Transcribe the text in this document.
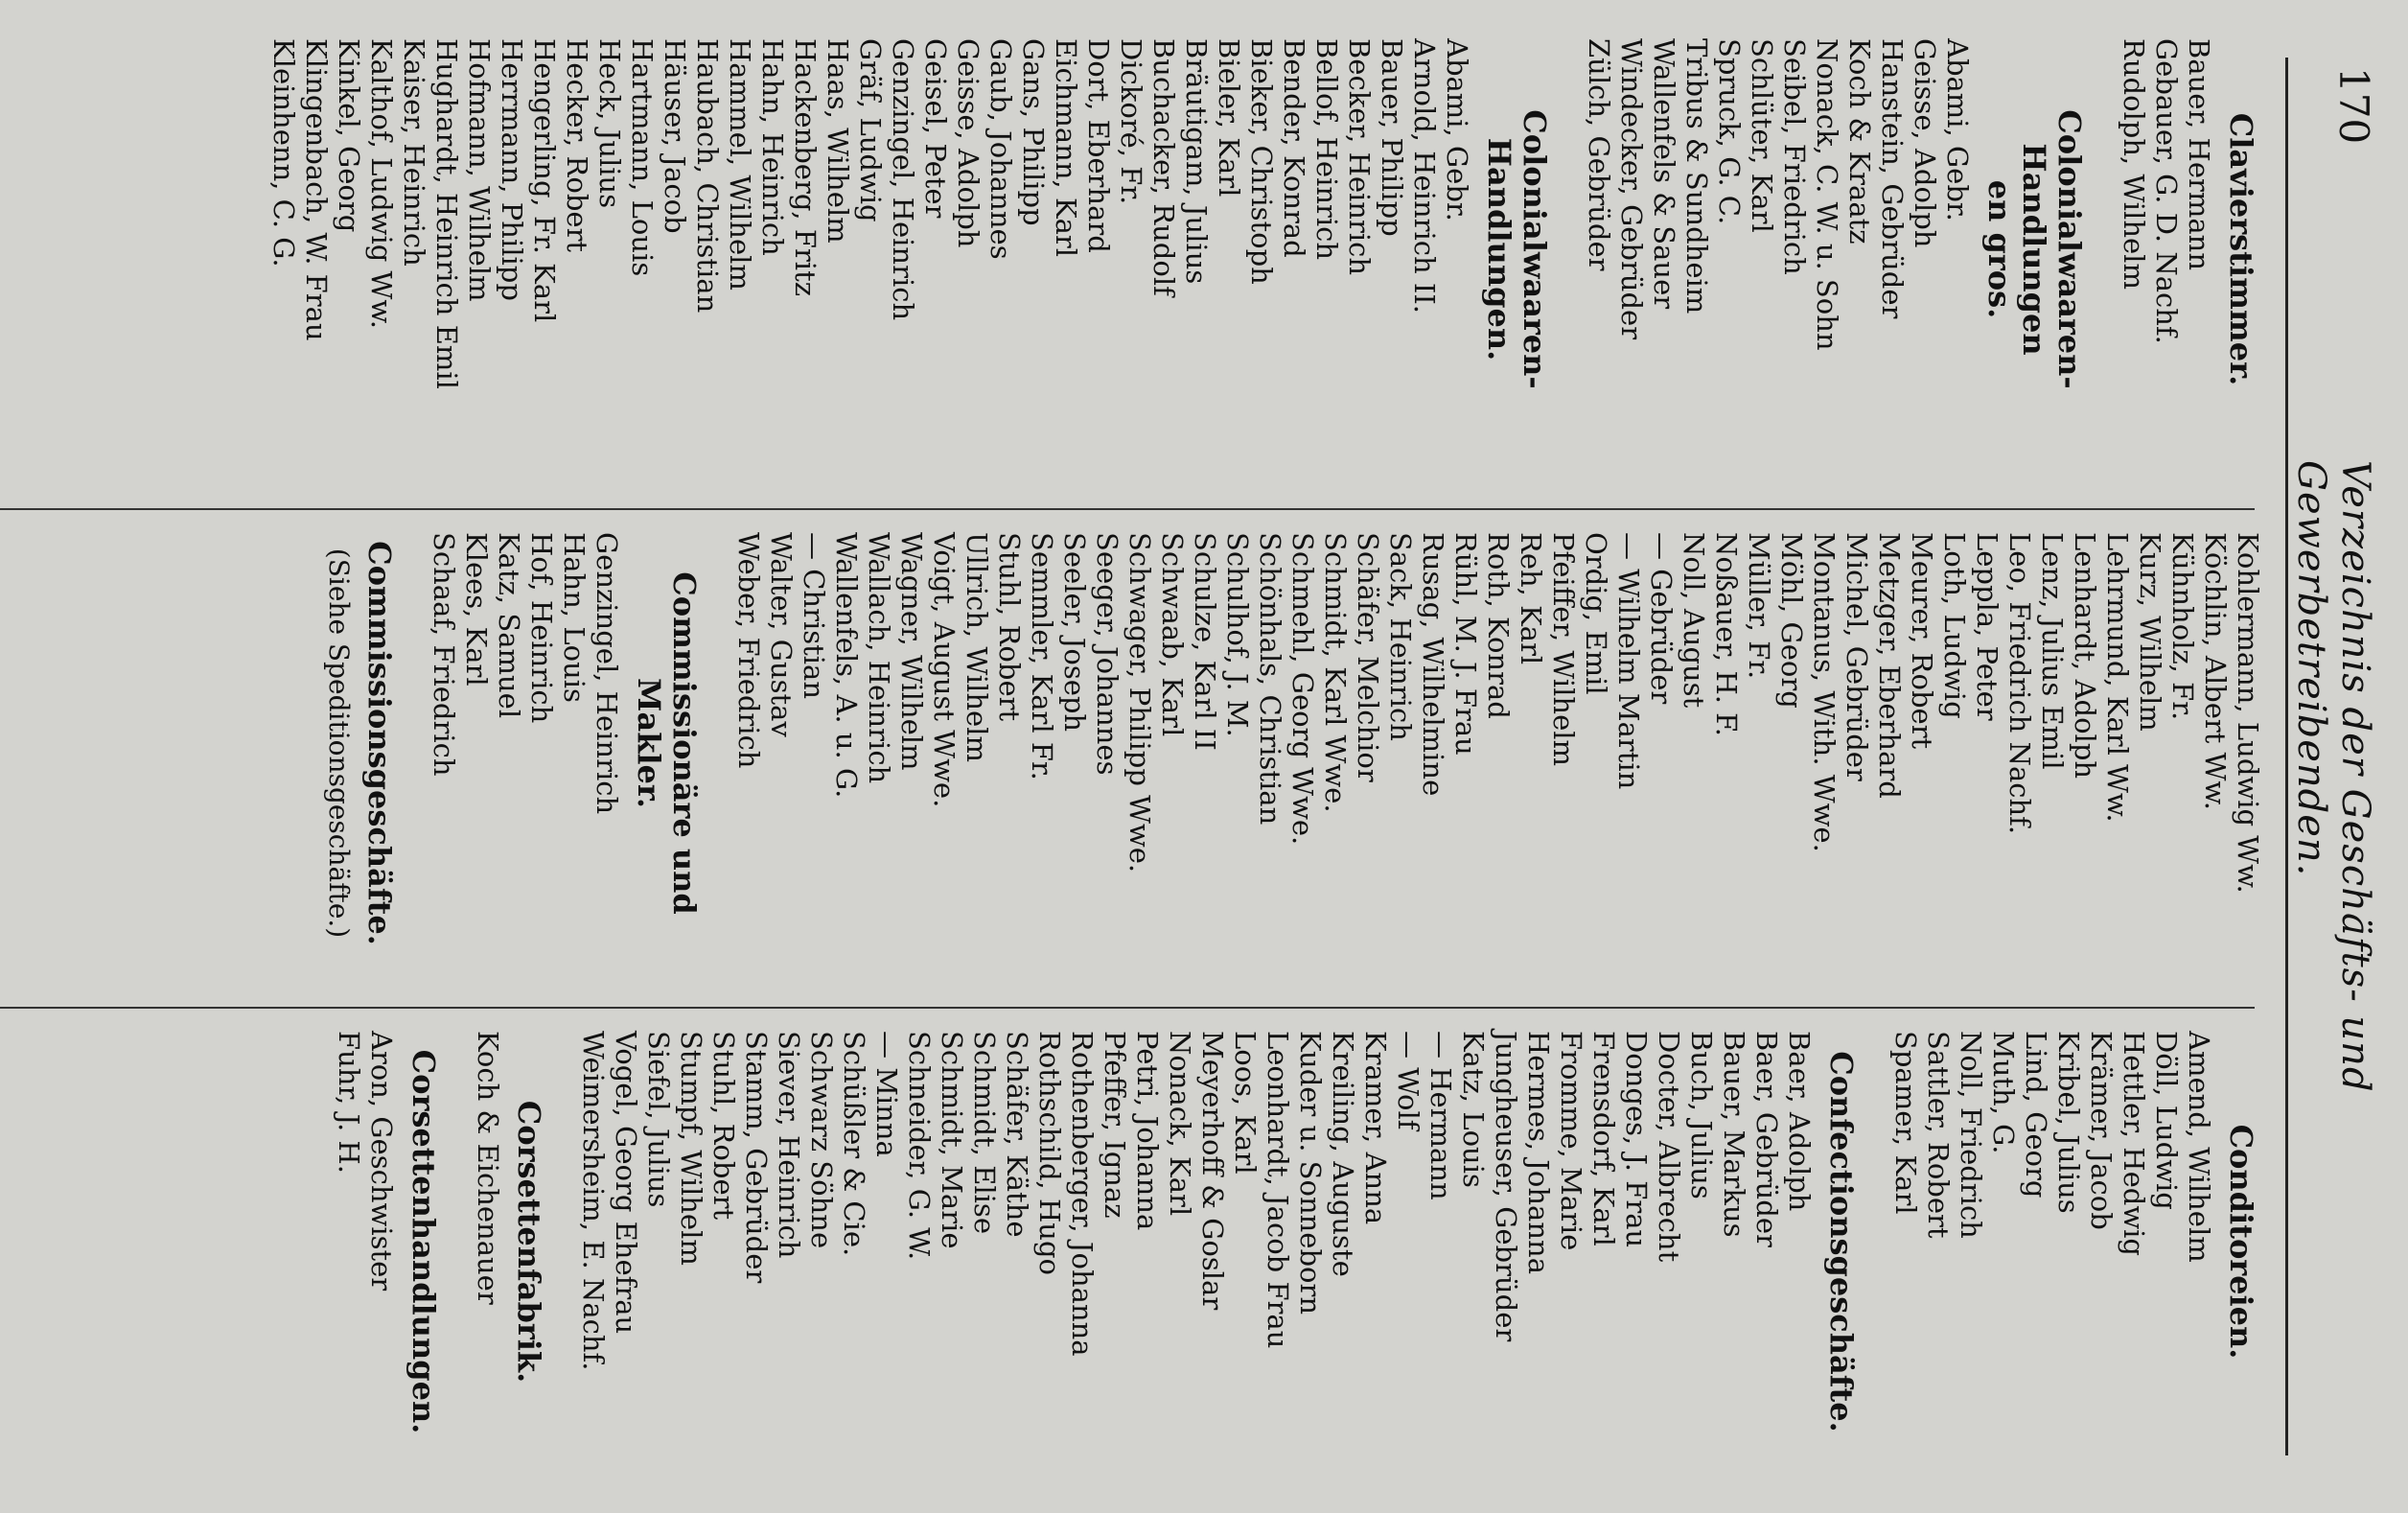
170
Verzeichnis der Geschäfts- und Gewerbetreibenden.
Clavierstimmer.
Bauer, Hermann
Gebauer, G. D. Nachf.
Rudolph, Wilhelm
Colonialwaaren-Handlungen
en gros.
Abami, Gebr.
Geisse, Adolph
Hanstein, Gebrüder
Koch & Kraatz
Nonack, C. W. u. Sohn
Seibel, Friedrich
Schlüter, Karl
Spruck, G. C.
Tribus & Sundheim
Wallenfels & Sauer
Windecker, Gebrüder
Zülch, Gebrüder
Colonialwaaren-Handlungen.
Abami, Gebr.
Arnold, Heinrich II.
Bauer, Philipp
Becker, Heinrich
Bellof, Heinrich
Bender, Konrad
Bieker, Christoph
Bieler, Karl
Bräutigam, Julius
Buchacker, Rudolf
Dickoré, Fr.
Dort, Eberhard
Eichmann, Karl
Gans, Philipp
Gaub, Johannes
Geisse, Adolph
Geisel, Peter
Genzingel, Heinrich
Gräf, Ludwig
Haas, Wilhelm
Hackenberg, Fritz
Hahn, Heinrich
Hammel, Wilhelm
Haubach, Christian
Häuser, Jacob
Hartmann, Louis
Heck, Julius
Hecker, Robert
Hengerling, Fr. Karl
Herrmann, Philipp
Hofmann, Wilhelm
Hughardt, Heinrich Emil
Kaiser, Heinrich
Kalthof, Ludwig Ww.
Kinkel, Georg
Klingenbach, W. Frau
Kleinhenn, C. G.
Kohlermann, Ludwig Ww.
Köchlin, Albert Ww.
Kühnholz, Fr.
Kurz, Wilhelm
Lehrmund, Karl Ww.
Lenhardt, Adolph
Lenz, Julius Emil
Leo, Friedrich Nachf.
Leppla, Peter
Loth, Ludwig
Meurer, Robert
Metzger, Eberhard
Michel, Gebrüder
Montanus, With. Wwe.
Möhl, Georg
Müller, Fr.
Noßauer, H. F.
Noll, August
— Gebrüder
— Wilhelm Martin
Ordig, Emil
Pfeiffer, Wilhelm
Reh, Karl
Roth, Konrad
Rühl, M. J. Frau
Rusag, Wilhelmine
Sack, Heinrich
Schäfer, Melchior
Schmidt, Karl Wwe.
Schmehl, Georg Wwe.
Schönhals, Christian
Schulhof, J. M.
Schulze, Karl II
Schwaab, Karl
Schwager, Philipp Wwe.
Seeger, Johannes
Seeler, Joseph
Semmler, Karl Fr.
Stuhl, Robert
Ullrich, Wilhelm
Voigt, August Wwe.
Wagner, Wilhelm
Wallach, Heinrich
Wallenfels, A. u. G.
— Christian
Walter, Gustav
Weber, Friedrich
Commissionäre und Makler.
Genzingel, Heinrich
Hahn, Louis
Hof, Heinrich
Katz, Samuel
Klees, Karl
Schaaf, Friedrich
Commissionsgeschäfte.
(Siehe Speditionsgeschäfte.)
Conditoreien.
Amend, Wilhelm
Döll, Ludwig
Hettler, Hedwig
Krämer, Jacob
Kribel, Julius
Lind, Georg
Muth, G.
Noll, Friedrich
Sattler, Robert
Spamer, Karl
Confectionsgeschäfte.
Baer, Adolph
Baer, Gebrüder
Bauer, Markus
Buch, Julius
Docter, Albrecht
Donges, J. Frau
Frensdorf, Karl
Fromme, Marie
Hermes, Johanna
Jungheuser, Gebrüder
Katz, Louis
— Hermann
— Wolf
Kramer, Anna
Kreiling, Auguste
Kuder u. Sonneborn
Leonhardt, Jacob Frau
Loos, Karl
Meyerhoff & Goslar
Nonack, Karl
Petri, Johanna
Pfeffer, Ignaz
Rothenberger, Johanna
Rothschild, Hugo
Schäfer, Käthe
Schmidt, Elise
Schmidt, Marie
Schneider, G. W.
— Minna
Schüßler & Cie.
Schwarz Söhne
Siever, Heinrich
Stamm, Gebrüder
Stuhl, Robert
Stumpf, Wilhelm
Siefel, Julius
Vogel, Georg Ehefrau
Weimersheim, E. Nachf.
Corsettenfabrik.
Koch & Eichenauer
Corsettenhandlungen.
Aron, Geschwister
Fuhr, J. H.
